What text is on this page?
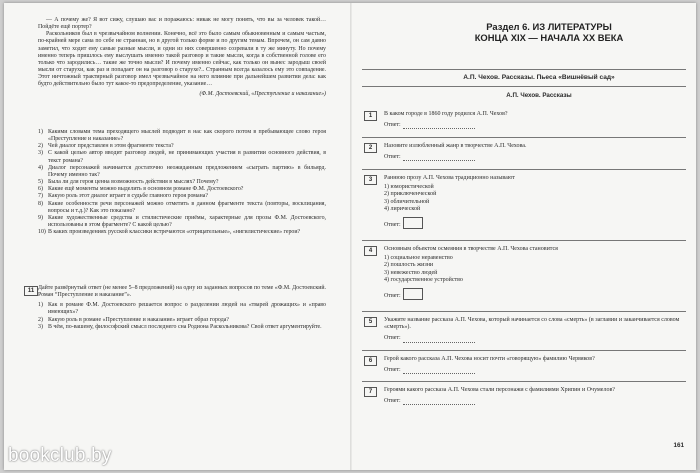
— А почему же? Я вот сижу, слушаю вас и поражаюсь: никак не могу понять, что вы за человек такой… Пойдёте ещё портер?

Раскольников был в чрезвычайном волнении. Конечно, всё это было самым обыкновенным и самым частым, по-крайней мере сама по себе не странная, но в другой только форме и по другим темам. Впрочем, он сам давно заметил, что ходит ему самые разные мысли, и одни из них совершенно созревали в ту же минуту. Но почему именно теперь пришлось ему выслушать именно такой разговор и такие мысли, когда в собственной голове его только что зародились… такие же точно мысли? И почему именно сейчас, как только он вынес зародыш своей мысли от старухи, как раз и попадает он на разговор о старухе?.. Странным всегда казалось ему это совпадение. Этот ничтожный трактирный разговор имел чрезвычайное на него влияние при дальнейшем развитии дела: как будто действительно было тут какое-то предопределение, указание…

(Ф.М. Достоевский, «Преступление и наказание»)

1) Какими словами тема преходящего мыслей подводит в нас как скорого потом в пребывающее слово героя «Преступление и наказание»?
2) Чей диалог представлен в этом фрагменте текста?
3) С какой целью автор вводит разговор людей, не принимающих участия в развитии основного действия, в текст романа?
4) Диалог персонажей начинается достаточно неожиданным предложением «сыграть партию» в бильярд. Почему именно так?
5) Была ли для героя ценна возможность действия в мыслях? Почему?
6) Какие ещё моменты можно выделить в основном романе Ф.М. Достоевского?
7) Какую роль этот диалог играет в судьбе главного героя романа?
8) Какие особенности речи персонажей можно отметить в данном фрагменте текста (повторы, восклицания, вопросы и т.д.)? Как это показано?
9) Какие художественные средства и стилистические приёмы, характерные для прозы Ф.М. Достоевского, использованы в этом фрагменте? С какой целью?
10) В каких произведениях русской классики встречаются «отрицательные», «нигилистические» герои?
11 Дайте развёрнутый ответ (не менее 5–8 предложений) на одну из заданных вопросов по теме «Ф.М. Достоевский. Роман “Преступление и наказание”».

1) Как в романе Ф.М. Достоевского решается вопрос о разделении людей на «тварей дрожащих» и «право имеющих»?
2) Какую роль в романе «Преступление и наказание» играет образ города?
3) В чём, по-вашему, философский смысл последнего сна Родиона Раскольникова? Свой ответ аргументируйте.
Раздел 6. ИЗ ЛИТЕРАТУРЫ
КОНЦА XIX — НАЧАЛА XX ВЕКА
А.П. Чехов. Рассказы. Пьеса «Вишнёвый сад»
А.П. Чехов. Рассказы
1	В каком городе в 1860 году родился А.П. Чехов?
Ответ:
2	Назовите излюбленный жанр в творчестве А.П. Чехова.
Ответ:
3	Раннюю прозу А.П. Чехова традиционно называют
1) юмористической
2) приключенческой
3) обличительной
4) лирической
Ответ:
4	Основным объектом осмеяния в творчестве А.П. Чехова становится
1) социальное неравенство
2) пошлость жизни
3) невежество людей
4) государственное устройство
Ответ:
5	Укажите название рассказа А.П. Чехова, который начинается со слова «смерть» (в заглавии и заканчивается словом «смерть»).
Ответ:
6	Герой какого рассказа А.П. Чехова носит почти «говорящую» фамилию Червяков?
Ответ:
7	Героями какого рассказа А.П. Чехова стали персонажи с фамилиями Хрипин и Очумелов?
Ответ:
161
bookclub.by
